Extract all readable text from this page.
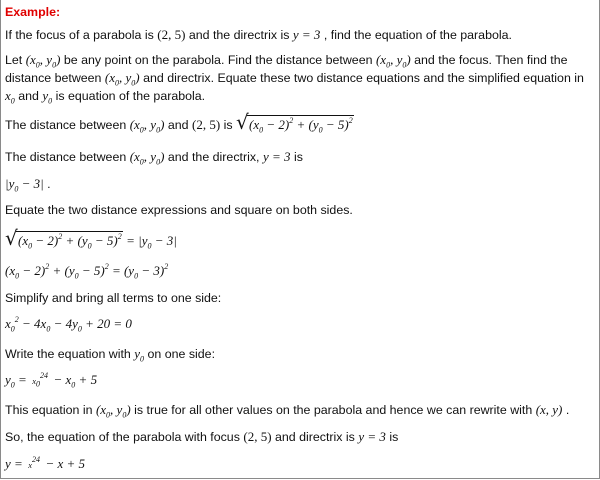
Example:
If the focus of a parabola is (2, 5) and the directrix is y = 3 , find the equation of the parabola.
Let ($x_0$, $y_0$) be any point on the parabola. Find the distance between ($x_0$, $y_0$) and the focus. Then find the distance between ($x_0$, $y_0$) and directrix. Equate these two distance equations and the simplified equation in $x_0$ and $y_0$ is equation of the parabola.
The distance between ($x_0$, $y_0$) and (2, 5) is √ $(x_0 - 2)^2 + (y_0 - 5)^2$
The distance between ($x_0$, $y_0$) and the directrix, y = 3 is
$|y_0 - 3|$ .
Equate the two distance expressions and square on both sides.
√ $(x_0 - 2)^2 + (y_0 - 5)^2 = |y_0 - 3|$
$(x_0 - 2)^2 + (y_0 - 5)^2 = (y_0 - 3)^2$
Simplify and bring all terms to one side:
$x_0^2 - 4x_0 - 4y_0 + 20 = 0$
Write the equation with $y_0$ on one side:
$y_0 = x_0^{24} - x_0 + 5$
This equation in ($x_0$, $y_0$) is true for all other values on the parabola and hence we can rewrite with (x, y) .
So, the equation of the parabola with focus (2, 5) and directrix is y = 3 is
$y = x^{24} - x + 5$
